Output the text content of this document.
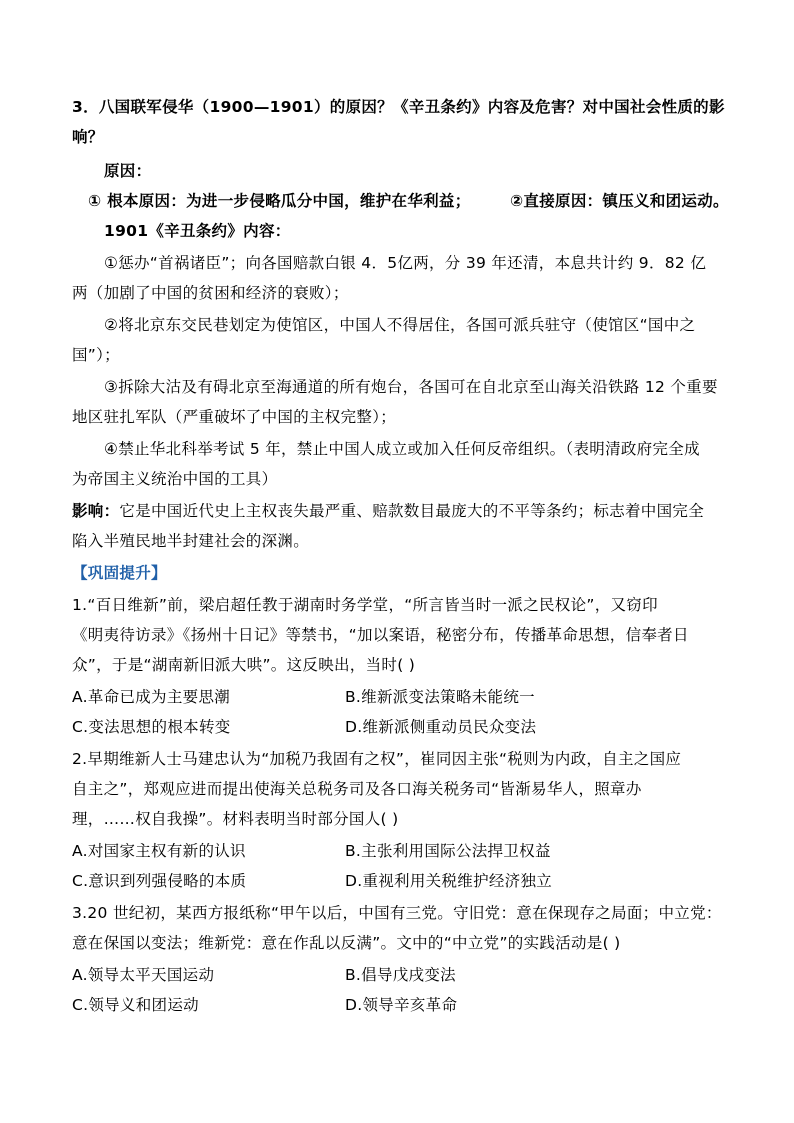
3．八国联军侵华（1900—1901）的原因？《辛丑条约》内容及危害？对中国社会性质的影
响？
原因：
① 根本原因：为进一步侵略瓜分中国，维护在华利益；	②直接原因：镇压义和团运动。
1901《辛丑条约》内容：
①惩办“首祸诸臣”；向各国赔款白银 4．5亿两，分 39 年还清，本息共计约 9．82 亿
两（加剧了中国的贫困和经济的衰败）；
②将北京东交民巷划定为使馆区，中国人不得居住，各国可派兵驻守（使馆区“国中之
国”）；
③拆除大沽及有碍北京至海通道的所有炮台，各国可在自北京至山海关沿铁路 12 个重要
地区驻扎军队（严重破坏了中国的主权完整）；
④禁止华北科举考试 5 年，禁止中国人成立或加入任何反帝组织。（表明清政府完全成
为帝国主义统治中国的工具）
影响：它是中国近代史上主权丧失最严重、赔款数目最庞大的不平等条约；标志着中国完全
陷入半殖民地半封建社会的深渊。
【巩固提升】
1.“百日维新”前，梁启超任教于湖南时务学堂，“所言皆当时一派之民权论”，又窃印
《明夷待访录》《扬州十日记》等禁书，“加以案语，秘密分布，传播革命思想，信奉者日
众”，于是“湖南新旧派大哄”。这反映出，当时( )
A.革命已成为主要思潮	B.维新派变法策略未能统一
C.变法思想的根本转变	D.维新派侧重动员民众变法
2.早期维新人士马建忠认为“加税乃我固有之权”，崔同因主张“税则为内政，自主之国应
自主之”，郑观应进而提出使海关总税务司及各口海关税务司“皆渐易华人，照章办
理，……权自我操”。材料表明当时部分国人( )
A.对国家主权有新的认识	B.主张利用国际公法捍卫权益
C.意识到列强侵略的本质	D.重视利用关税维护经济独立
3.20 世纪初，某西方报纸称“甲午以后，中国有三党。守旧党：意在保现存之局面；中立党：
意在保国以变法；维新党：意在作乱以反满”。文中的“中立党”的实践活动是( )
A.领导太平天国运动	B.倡导戊戌变法
C.领导义和团运动	D.领导辛亥革命
